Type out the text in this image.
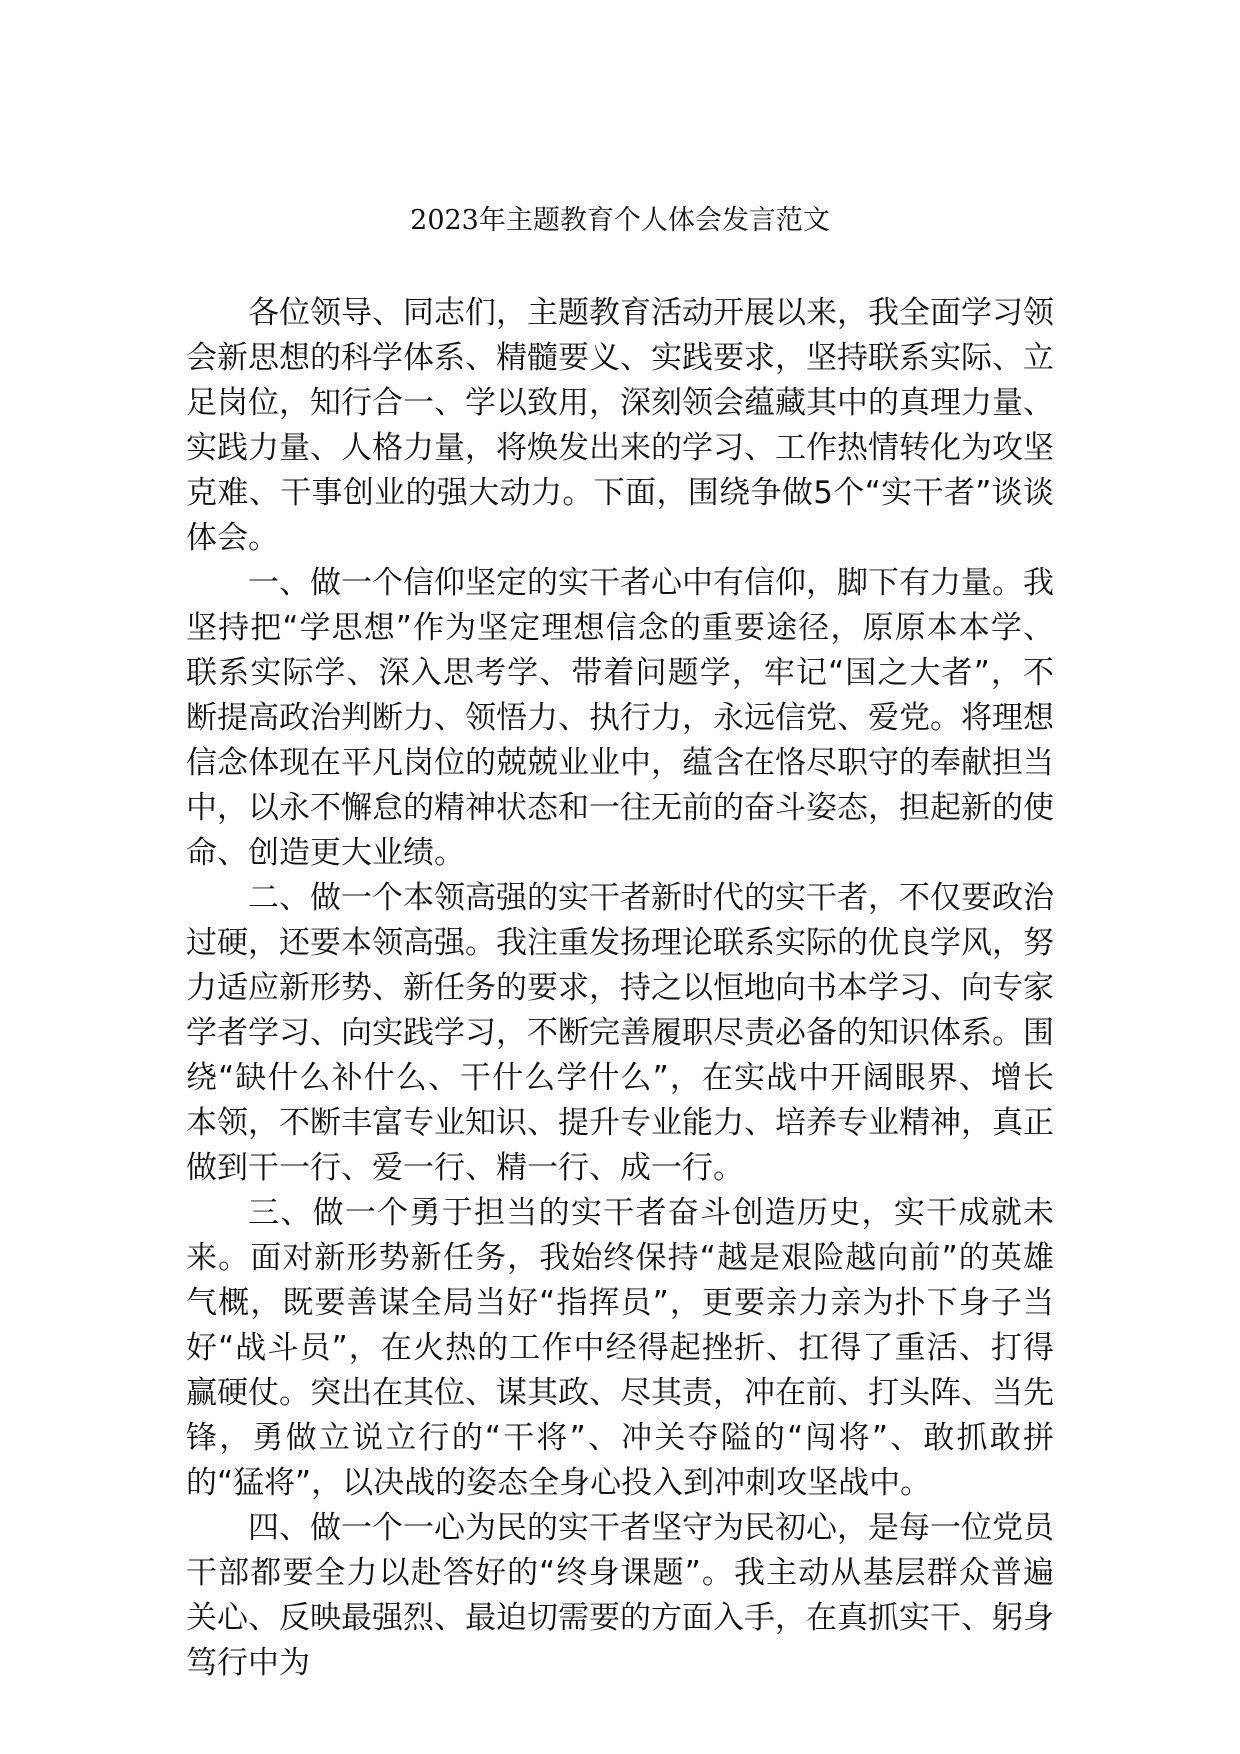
2023年主题教育个人体会发言范文

各位领导、同志们，主题教育活动开展以来，我全面学习领会新思想的科学体系、精髓要义、实践要求，坚持联系实际、立足岗位，知行合一、学以致用，深刻领会蕴藏其中的真理力量、实践力量、人格力量，将焕发出来的学习、工作热情转化为攻坚克难、干事创业的强大动力。下面，围绕争做5个“实干者”谈谈体会。

一、做一个信仰坚定的实干者心中有信仰，脚下有力量。我坚持把“学思想”作为坚定理想信念的重要途径，原原本本学、联系实际学、深入思考学、带着问题学，牢记“国之大者”，不断提高政治判断力、领悟力、执行力，永远信党、爱党。将理想信念体现在平凡岗位的兢兢业业中，蕴含在恪尽职守的奉献担当中，以永不懈怠的精神状态和一往无前的奋斗姿态，担起新的使命、创造更大业绩。

二、做一个本领高强的实干者新时代的实干者，不仅要政治过硬，还要本领高强。我注重发扬理论联系实际的优良学风，努力适应新形势、新任务的要求，持之以恒地向书本学习、向专家学者学习、向实践学习，不断完善履职尽责必备的知识体系。围绕“缺什么补什么、干什么学什么”，在实战中开阔眼界、增长本领，不断丰富专业知识、提升专业能力、培养专业精神，真正做到干一行、爱一行、精一行、成一行。

三、做一个勇于担当的实干者奋斗创造历史，实干成就未来。面对新形势新任务，我始终保持“越是艰险越向前”的英雄气概，既要善谋全局当好“指挥员”，更要亲力亲为扑下身子当好“战斗员”，在火热的工作中经得起挫折、扛得了重活、打得赢硬仗。突出在其位、谋其政、尽其责，冲在前、打头阵、当先锋，勇做立说立行的“干将”、冲关夺隘的“闯将”、敢抓敢拼的“猛将”，以决战的姿态全身心投入到冲刺攻坚战中。

四、做一个一心为民的实干者坚守为民初心，是每一位党员干部都要全力以赴答好的“终身课题”。我主动从基层群众普遍关心、反映最强烈、最迫切需要的方面入手，在真抓实干、躬身笃行中为
